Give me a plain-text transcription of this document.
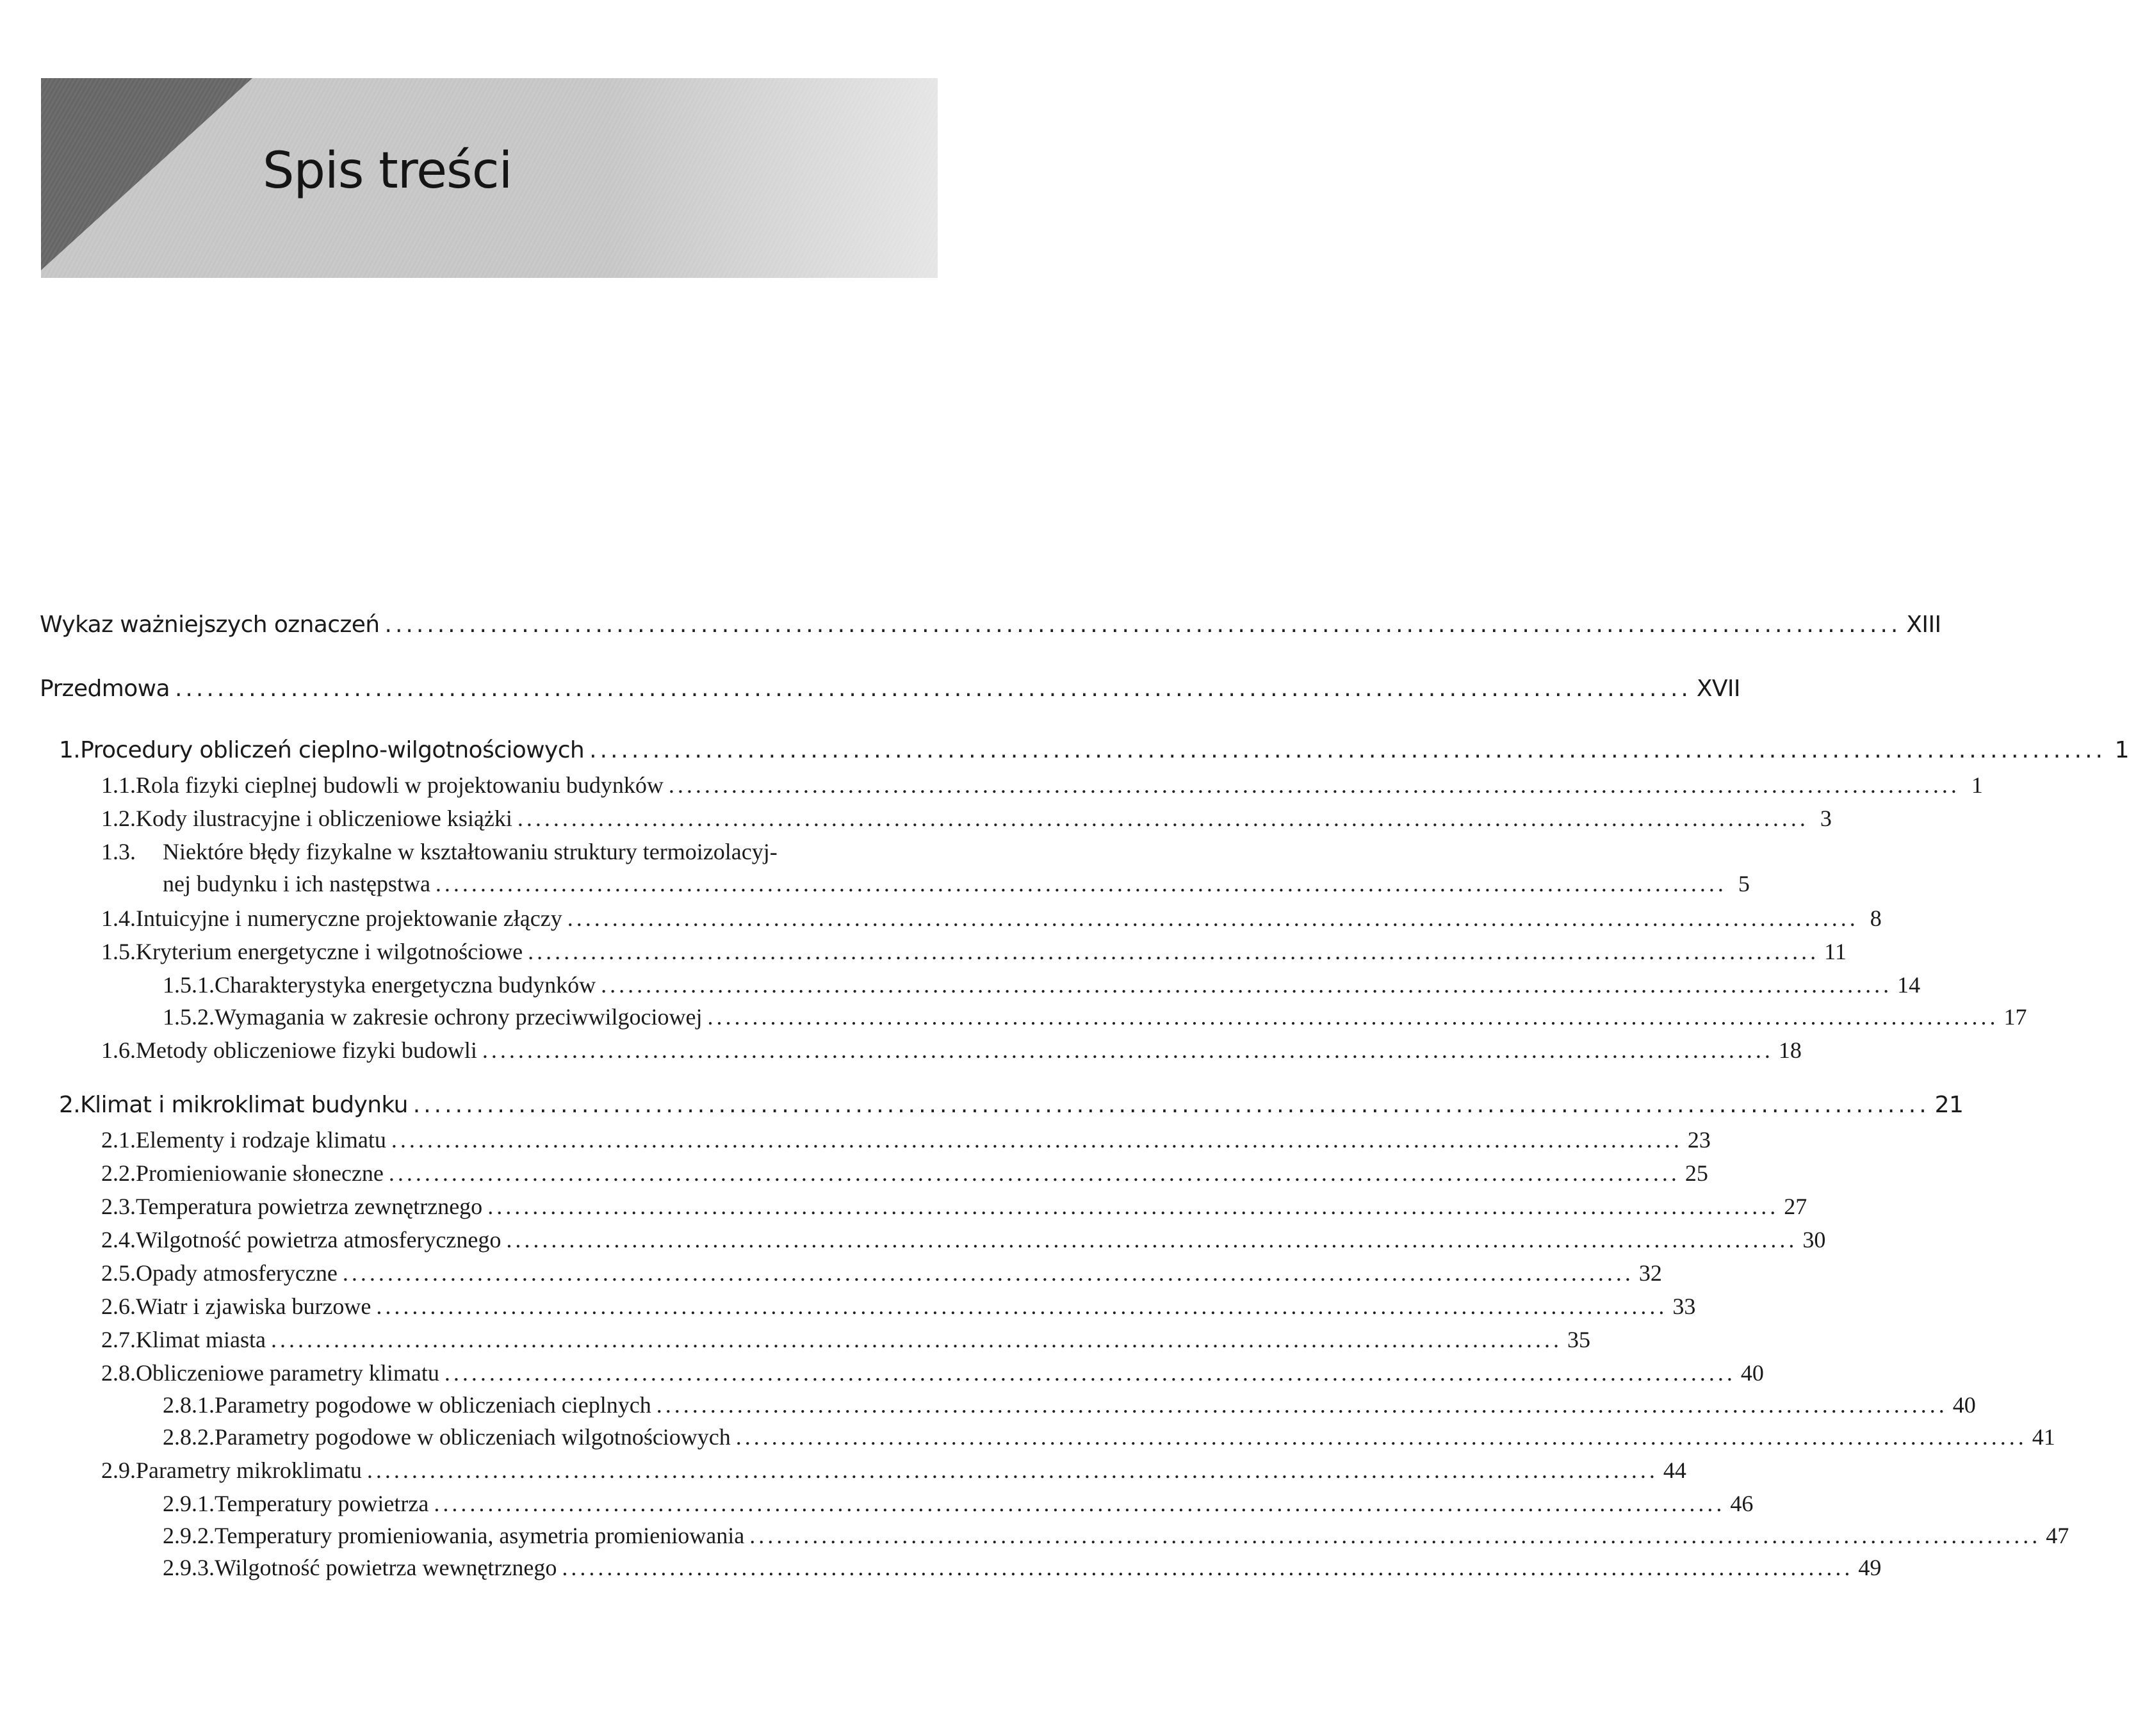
Spis treści
Wykaz ważniejszych oznaczeń ................................................................................................................................................ XIII
Przedmowa ................................................................................................................................................ XVII
1. Procedury obliczeń cieplno-wilgotnościowych ................................................................................................................................................ 1
1.1. Rola fizyki cieplnej budowli w projektowaniu budynków ................................................................................................................................................ 1
1.2. Kody ilustracyjne i obliczeniowe książki ................................................................................................................................................ 3
1.3.	Niektóre błędy fizykalne w kształtowaniu struktury termoizolacyj-
nej budynku i ich następstwa ................................................................................................................................................ 5
1.4. Intuicyjne i numeryczne projektowanie złączy ................................................................................................................................................ 8
1.5. Kryterium energetyczne i wilgotnościowe ................................................................................................................................................ 11
1.5.1. Charakterystyka energetyczna budynków ................................................................................................................................................ 14
1.5.2. Wymagania w zakresie ochrony przeciwwilgociowej ................................................................................................................................................ 17
1.6. Metody obliczeniowe fizyki budowli ................................................................................................................................................ 18
2. Klimat i mikroklimat budynku ................................................................................................................................................ 21
2.1. Elementy i rodzaje klimatu ................................................................................................................................................ 23
2.2. Promieniowanie słoneczne ................................................................................................................................................ 25
2.3. Temperatura powietrza zewnętrznego ................................................................................................................................................ 27
2.4. Wilgotność powietrza atmosferycznego ................................................................................................................................................ 30
2.5. Opady atmosferyczne ................................................................................................................................................ 32
2.6. Wiatr i zjawiska burzowe ................................................................................................................................................ 33
2.7. Klimat miasta ................................................................................................................................................ 35
2.8. Obliczeniowe parametry klimatu ................................................................................................................................................ 40
2.8.1. Parametry pogodowe w obliczeniach cieplnych ................................................................................................................................................ 40
2.8.2. Parametry pogodowe w obliczeniach wilgotnościowych ................................................................................................................................................ 41
2.9. Parametry mikroklimatu ................................................................................................................................................ 44
2.9.1. Temperatury powietrza ................................................................................................................................................ 46
2.9.2. Temperatury promieniowania, asymetria promieniowania ................................................................................................................................................ 47
2.9.3. Wilgotność powietrza wewnętrznego ................................................................................................................................................ 49
